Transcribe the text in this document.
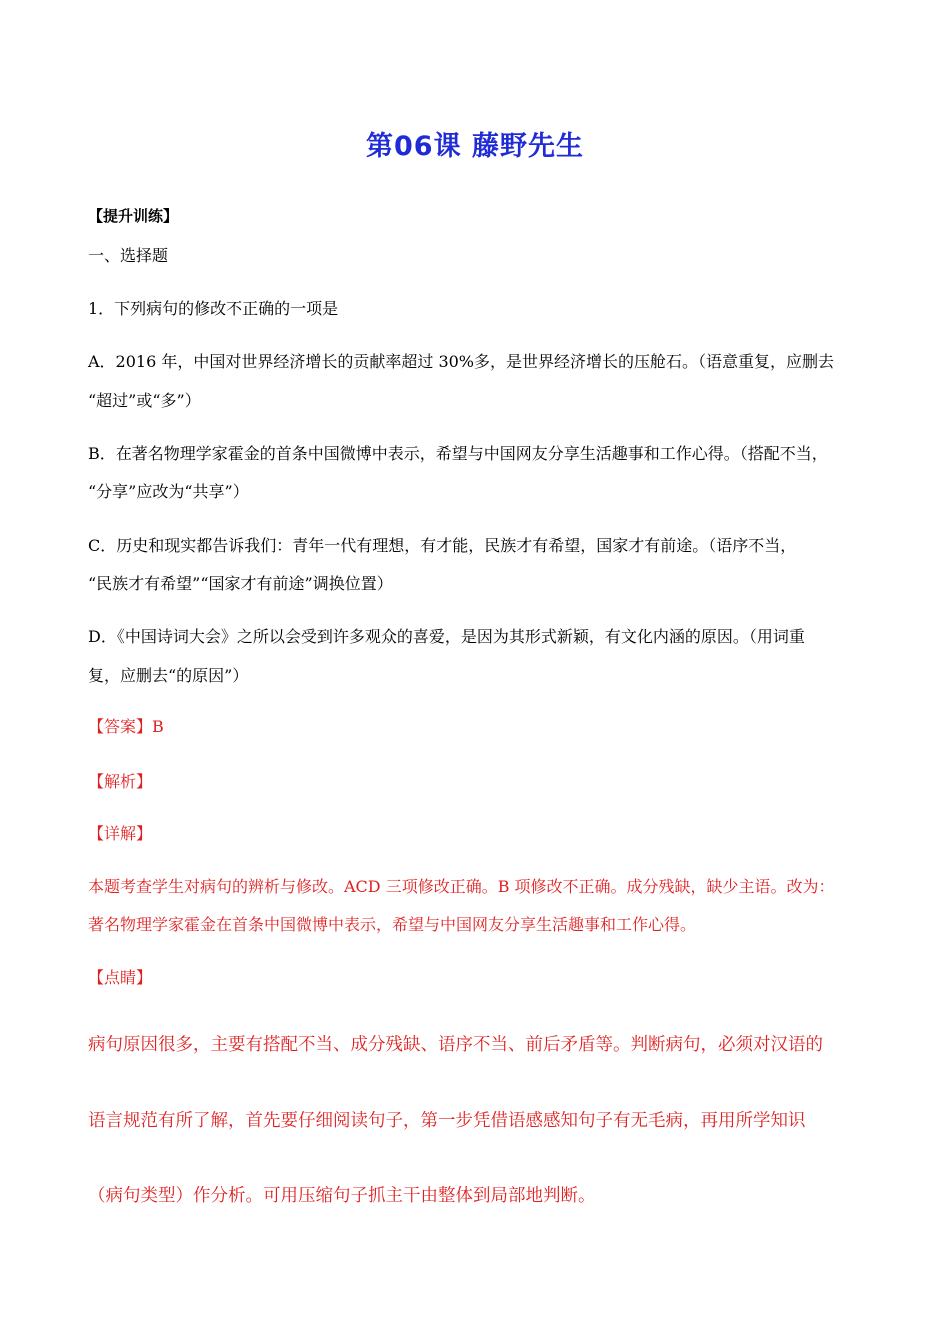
第06课 藤野先生
【提升训练】
一、选择题
1．下列病句的修改不正确的一项是
A．2016 年，中国对世界经济增长的贡献率超过 30%多，是世界经济增长的压舱石。（语意重复，应删去
“超过”或“多”）
B．在著名物理学家霍金的首条中国微博中表示，希望与中国网友分享生活趣事和工作心得。（搭配不当，
“分享”应改为“共享”）
C．历史和现实都告诉我们：青年一代有理想，有才能，民族才有希望，国家才有前途。（语序不当，
“民族才有希望”“国家才有前途”调换位置）
D．《中国诗词大会》之所以会受到许多观众的喜爱，是因为其形式新颖，有文化内涵的原因。（用词重
复，应删去“的原因”）
【答案】B
【解析】
【详解】
本题考查学生对病句的辨析与修改。ACD 三项修改正确。B 项修改不正确。成分残缺，缺少主语。改为：
著名物理学家霍金在首条中国微博中表示，希望与中国网友分享生活趣事和工作心得。
【点睛】
病句原因很多，主要有搭配不当、成分残缺、语序不当、前后矛盾等。判断病句，必须对汉语的
语言规范有所了解，首先要仔细阅读句子，第一步凭借语感感知句子有无毛病，再用所学知识
（病句类型）作分析。可用压缩句子抓主干由整体到局部地判断。
